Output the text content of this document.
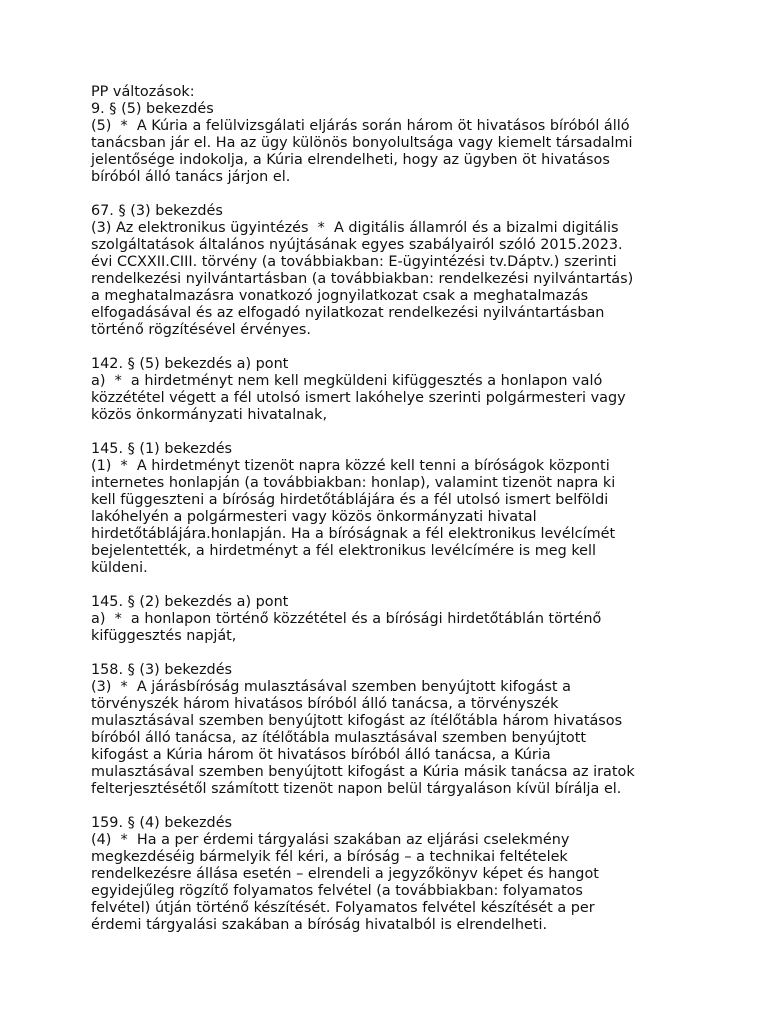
PP változások:
9. § (5) bekezdés
(5)  *  A Kúria a felülvizsgálati eljárás során három öt hivatásos bíróból álló
tanácsban jár el. Ha az ügy különös bonyolultsága vagy kiemelt társadalmi
jelentősége indokolja, a Kúria elrendelheti, hogy az ügyben öt hivatásos
bíróból álló tanács járjon el.
67. § (3) bekezdés
(3) Az elektronikus ügyintézés  *  A digitális államról és a bizalmi digitális
szolgáltatások általános nyújtásának egyes szabályairól szóló 2015.2023.
évi CCXXII.CIII. törvény (a továbbiakban: E-ügyintézési tv.Dáptv.) szerinti
rendelkezési nyilvántartásban (a továbbiakban: rendelkezési nyilvántartás)
a meghatalmazásra vonatkozó jognyilatkozat csak a meghatalmazás
elfogadásával és az elfogadó nyilatkozat rendelkezési nyilvántartásban
történő rögzítésével érvényes.
142. § (5) bekezdés a) pont
a)  *  a hirdetményt nem kell megküldeni kifüggesztés a honlapon való
közzététel végett a fél utolsó ismert lakóhelye szerinti polgármesteri vagy
közös önkormányzati hivatalnak,
145. § (1) bekezdés
(1)  *  A hirdetményt tizenöt napra közzé kell tenni a bíróságok központi
internetes honlapján (a továbbiakban: honlap), valamint tizenöt napra ki
kell függeszteni a bíróság hirdetőtáblájára és a fél utolsó ismert belföldi
lakóhelyén a polgármesteri vagy közös önkormányzati hivatal
hirdetőtáblájára.honlapján. Ha a bíróságnak a fél elektronikus levélcímét
bejelentették, a hirdetményt a fél elektronikus levélcímére is meg kell
küldeni.
145. § (2) bekezdés a) pont
a)  *  a honlapon történő közzététel és a bírósági hirdetőtáblán történő
kifüggesztés napját,
158. § (3) bekezdés
(3)  *  A járásbíróság mulasztásával szemben benyújtott kifogást a
törvényszék három hivatásos bíróból álló tanácsa, a törvényszék
mulasztásával szemben benyújtott kifogást az ítélőtábla három hivatásos
bíróból álló tanácsa, az ítélőtábla mulasztásával szemben benyújtott
kifogást a Kúria három öt hivatásos bíróból álló tanácsa, a Kúria
mulasztásával szemben benyújtott kifogást a Kúria másik tanácsa az iratok
felterjesztésétől számított tizenöt napon belül tárgyaláson kívül bírálja el.
159. § (4) bekezdés
(4)  *  Ha a per érdemi tárgyalási szakában az eljárási cselekmény
megkezdéséig bármelyik fél kéri, a bíróság – a technikai feltételek
rendelkezésre állása esetén – elrendeli a jegyzőkönyv képet és hangot
egyidejűleg rögzítő folyamatos felvétel (a továbbiakban: folyamatos
felvétel) útján történő készítését. Folyamatos felvétel készítését a per
érdemi tárgyalási szakában a bíróság hivatalból is elrendelheti.
